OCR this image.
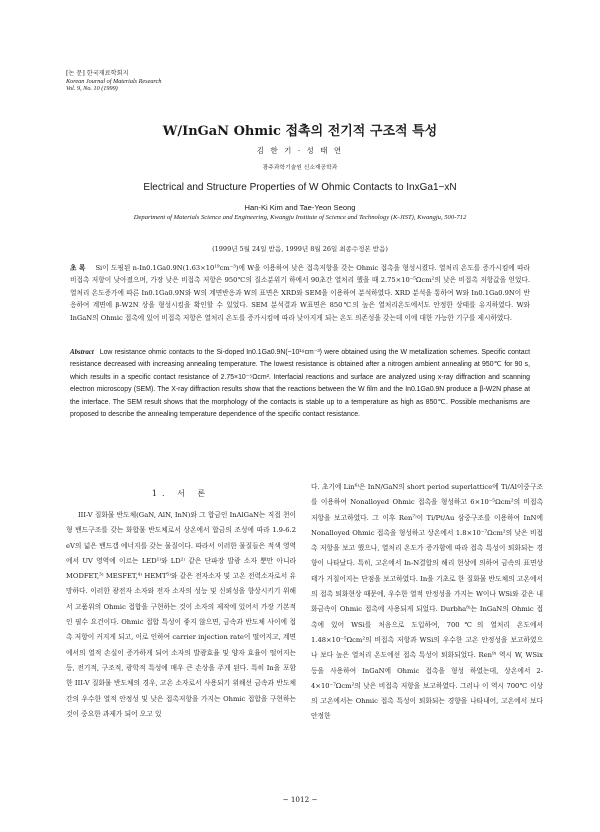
[논 문] 한국재료학회지
Korean Journal of Materials Research
Vol. 9, No. 10 (1999)
W/InGaN Ohmic 접촉의 전기적 구조적 특성
김 한 기 · 성 태 연
광주과학기술원 신소재공학과
Electrical and Structure Properties of W Ohmic Contacts to InxGa1−xN
Han-Ki Kim and Tae-Yeon Seong
Department of Materials Science and Engineering, Kwangju Institute of Science and Technology (K-JIST), Kwangju, 500-712
(1999년 5월 24일 받음, 1999년 8월 26일 최종수정본 받음)
초 록 Si이 도핑된 n-In0.1Ga0.9N(1.63×10¹⁹cm⁻³)에 W을 이용하여 낮은 접촉저항을 갖는 Ohmic 접촉을 형성시켰다. 열처리 온도를 증가시킴에 따라 비접촉 저항이 낮아졌으며, 가장 낮은 비접촉 저항은 950℃의 질소분위기 하에서 90초간 열처리 했을 때 2.75×10⁻⁵Ωcm²의 낮은 비접촉 저항값을 얻었다. 열처리 온도증가에 따른 In0.1Ga0.9N와 W의 계면반응과 W의 표면은 XRD와 SEM을 이용하여 분석하였다. XRD 분석을 통하여 W와 In0.1Ga0.9N이 반응하여 계면에 β-W2N 상을 형성시킴을 확인할 수 있었다. SEM 분석결과 W표면은 850℃의 높은 열처리온도에서도 안정한 상태를 유지하였다. W와 InGaN의 Ohmic 접촉에 있어 비접촉 저항은 열처리 온도를 증가시킴에 따라 낮아지게 되는 온도 의존성을 갖는데 이에 대한 가능한 기구를 제시하였다.
Abstract Low resistance ohmic contacts to the Si-doped In0.1Ga0.9N(~10¹⁹cm⁻³) were obtained using the W metallization schemes. Specific contact resistance decreased with increasing annealing temperature. The lowest resistance is obtained after a nitrogen ambient annealing at 950℃ for 90 s, which results in a specific contact resistance of 2.75×10⁻⁵Ωcm². Interfacial reactions and surface are analyzed using x-ray diffraction and scanning electron microscopy (SEM). The X-ray diffraction results show that the reactions between the W film and the In0.1Ga0.9N produce a β-W2N phase at the interface. The SEM result shows that the morphology of the contacts is stable up to a temperature as high as 850℃. Possible mechanisms are proposed to describe the annealing temperature dependence of the specific contact resistance.
1. 서 론
III-V 질화물 반도체(GaN, AlN, InN)와 그 합금인 InAlGaN는 직접 천이형 밴드구조를 갖는 화합물 반도체로서 상온에서 합금의 조성에 따라 1.9-6.2 eV의 넓은 밴드갭 에너지를 갖는 물질이다. 따라서 이러한 물질들은 적색 영역에서 UV 영역에 이르는 LED¹⁾와 LD²⁾ 같은 단파장 발광 소자 뿐만 아니라 MODFET,³⁾ MESFET,⁴⁾ HEMT⁵⁾와 같은 전자소자 및 고온 전력소자로서 유망하다. 이러한 광전자 소자와 전자 소자의 성능 및 신뢰성을 향상시키기 위해서 고품위의 Ohmic 접합을 구현하는 것이 소자의 제작에 있어서 가장 기본적인 필수 요건이다. Ohmic 접합 특성이 좋지 않으면, 금속과 반도체 사이에 접촉 저항이 커지게 되고, 이로 인하여 carrier injection rate이 떨어지고, 계면에서의 열적 손실이 증가하게 되어 소자의 발광효율 및 양자 효율이 떨어지는 등, 전기적, 구조적, 광학적 특성에 매우 큰 손상을 주게 된다. 특히 In을 포함한 III-V 질화물 반도체의 경우, 고온 소자로서 사용되기 위해선 금속과 반도체간의 우수한 열적 안정성 및 낮은 접촉저항을 가지는 Ohmic 접합을 구현하는 것이 중요한 과제가 되어 오고 있
다. 초기에 Lin⁶⁾은 InN/GaN의 short period superlattice에 Ti/Al이중구조를 이용하여 Nonalloyed Ohmic 접촉을 형성하고 6×10⁻⁵Ωcm²의 비접촉 저항을 보고하였다. 그 이후 Ren⁷⁾이 Ti/Pt/Au 삼중구조를 이용하여 InN에 Nonalloyed Ohmic 접촉을 형성하고 상온에서 1.8×10⁻⁷Ωcm²의 낮은 비접촉 저항을 보고 했으나, 열처리 온도가 증가함에 따라 접촉 특성이 퇴화되는 경향이 나타났다. 특히, 고온에서 In-N결합의 해리 현상에 의하여 금속의 표면상태가 거칠어지는 단점을 보고하였다. In을 기초로 한 질화물 반도체의 고온에서의 접촉 퇴화현상 때문에, 우수한 열적 안정성을 가지는 W이나 WSi와 같은 내화금속이 Ohmic 접촉에 사용되게 되었다. Durbha⁸⁾는 InGaN의 Ohmic 접촉에 있어 WSi를 처음으로 도입하여, 700℃의 열처리 온도에서 1.48×10⁻⁵Ωcm²의 비접촉 저항과 WSi의 우수한 고온 안정성을 보고하였으나 보다 높은 열처리 온도에선 접촉 특성이 퇴화되었다. Ren⁹⁾ 역시 W, WSix 등을 사용하여 InGaN에 Ohmic 접촉을 형성 하였는데, 상온에서 2-4×10⁻⁷Ωcm²의 낮은 비접촉 저항을 보고하였다. 그러나 이 역시 700℃ 이상의 고온에서는 Ohmic 접촉 특성이 퇴화되는 경향을 나타내어, 고온에서 보다 안정한
− 1012 −
